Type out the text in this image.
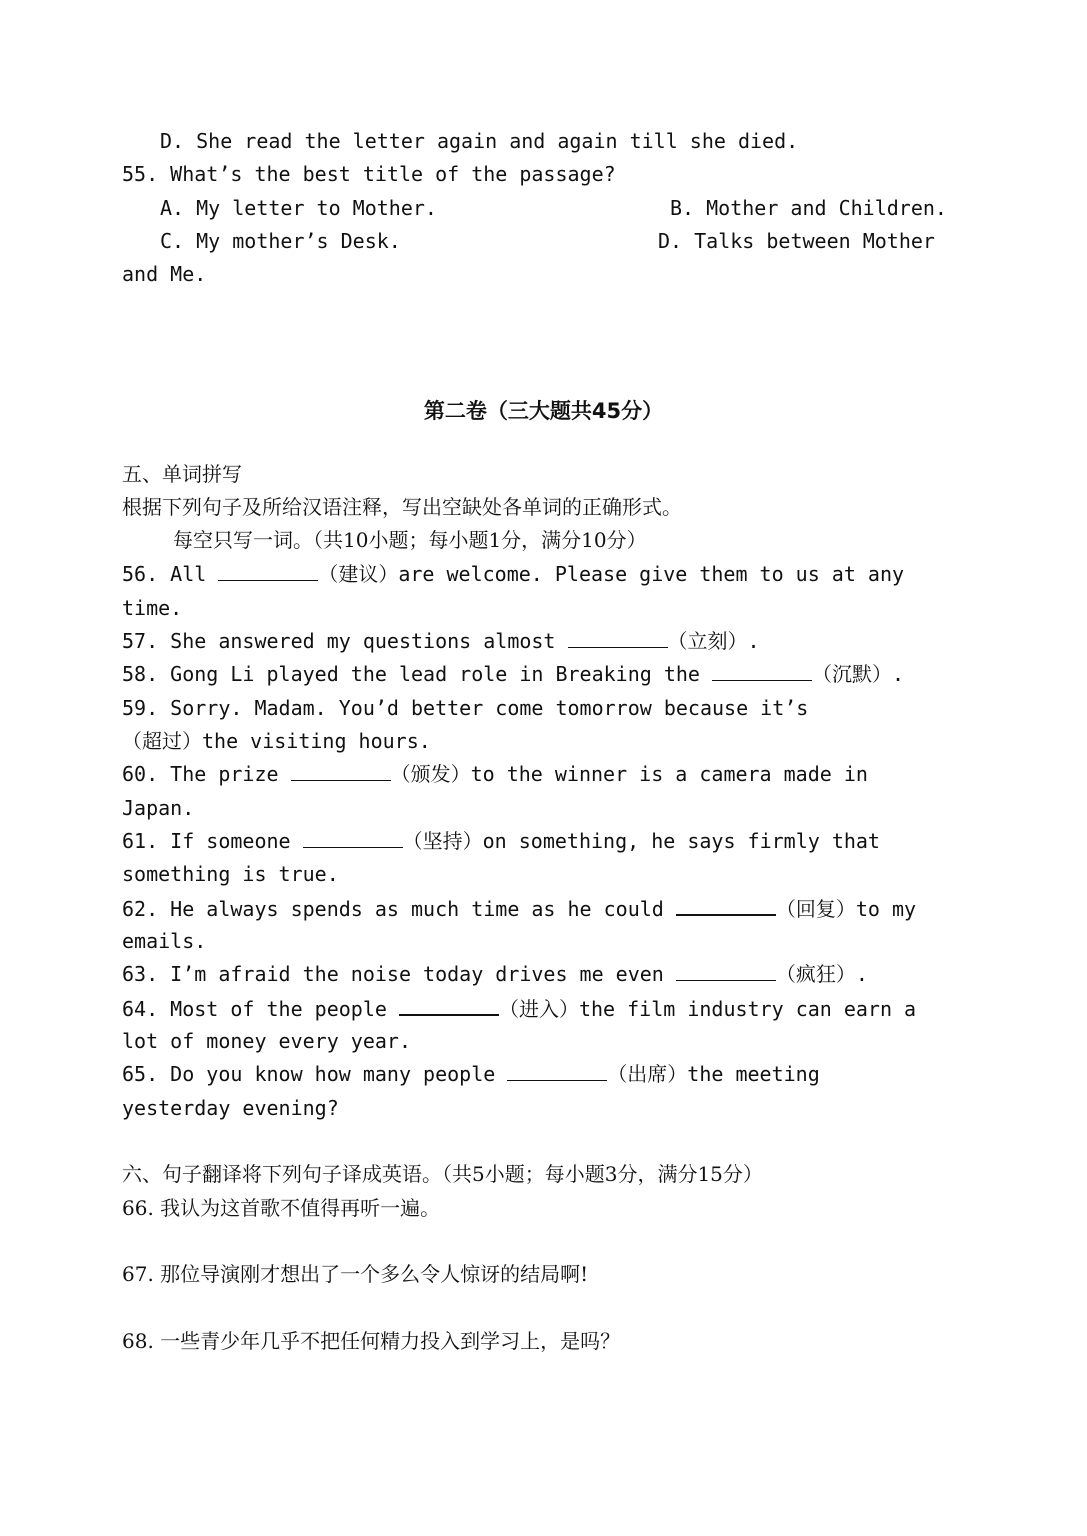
D. She read the letter again and again till she died.
55. What’s the best title of the passage?
A. My letter to Mother.	B. Mother and Children.
C. My mother’s Desk.	D. Talks between Mother
and Me.
第二卷（三大题共45分）
五、单词拼写
根据下列句子及所给汉语注释，写出空缺处各单词的正确形式。
每空只写一词。（共10小题；每小题1分，满分10分）
56. All	（建议）are welcome. Please give them to us at any
time.
57. She answered my questions almost	（立刻）.
58. Gong Li played the lead role in Breaking the	（沉默）.
59. Sorry. Madam. You’d better come tomorrow because it’s
（超过）the visiting hours.
60. The prize	（颁发）to the winner is a camera made in
Japan.
61. If someone	（坚持）on something, he says firmly that
something is true.
62. He always spends as much time as he could	（回复）to my
emails.
63. I’m afraid the noise today drives me even	（疯狂）.
64. Most of the people	（进入）the film industry can earn a
lot of money every year.
65. Do you know how many people	（出席）the meeting
yesterday evening?
六、句子翻译将下列句子译成英语。（共5小题；每小题3分，满分15分）
66. 我认为这首歌不值得再听一遍。
67. 那位导演刚才想出了一个多么令人惊讶的结局啊!
68. 一些青少年几乎不把任何精力投入到学习上，是吗？
